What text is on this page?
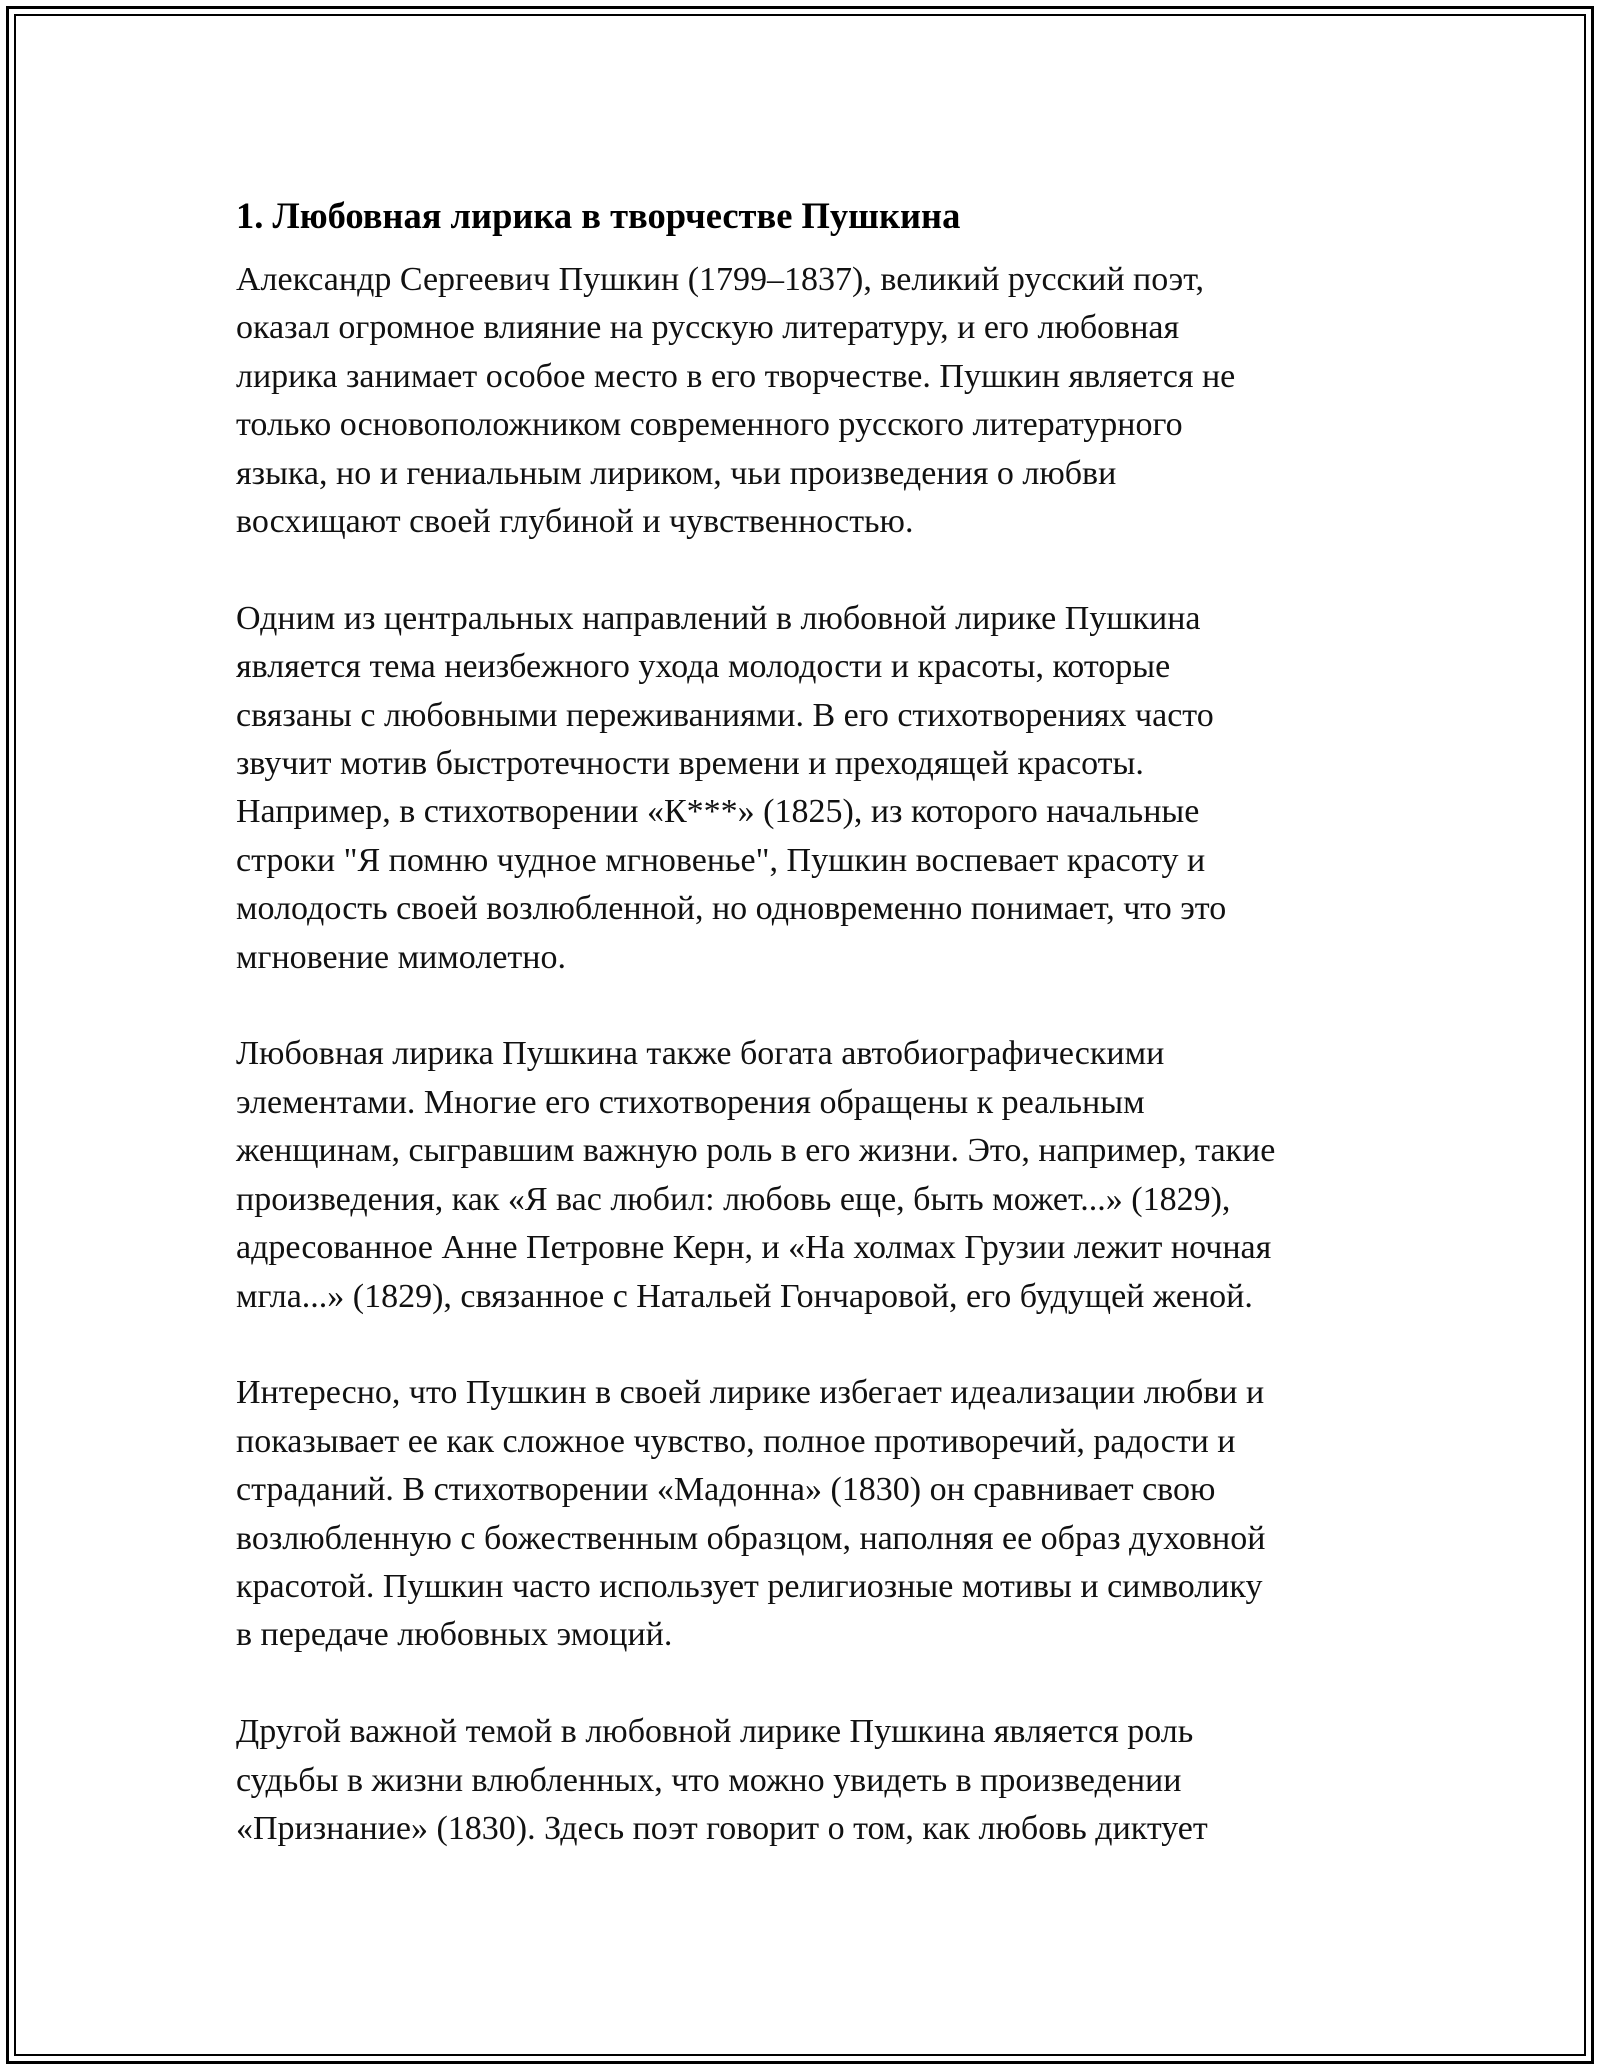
1. Любовная лирика в творчестве Пушкина

Александр Сергеевич Пушкин (1799–1837), великий русский поэт,
оказал огромное влияние на русскую литературу, и его любовная
лирика занимает особое место в его творчестве. Пушкин является не
только основоположником современного русского литературного
языка, но и гениальным лириком, чьи произведения о любви
восхищают своей глубиной и чувственностью.

Одним из центральных направлений в любовной лирике Пушкина
является тема неизбежного ухода молодости и красоты, которые
связаны с любовными переживаниями. В его стихотворениях часто
звучит мотив быстротечности времени и преходящей красоты.
Например, в стихотворении «К***» (1825), из которого начальные
строки "Я помню чудное мгновенье", Пушкин воспевает красоту и
молодость своей возлюбленной, но одновременно понимает, что это
мгновение мимолетно.

Любовная лирика Пушкина также богата автобиографическими
элементами. Многие его стихотворения обращены к реальным
женщинам, сыгравшим важную роль в его жизни. Это, например, такие
произведения, как «Я вас любил: любовь еще, быть может...» (1829),
адресованное Анне Петровне Керн, и «На холмах Грузии лежит ночная
мгла...» (1829), связанное с Натальей Гончаровой, его будущей женой.

Интересно, что Пушкин в своей лирике избегает идеализации любви и
показывает ее как сложное чувство, полное противоречий, радости и
страданий. В стихотворении «Мадонна» (1830) он сравнивает свою
возлюбленную с божественным образцом, наполняя ее образ духовной
красотой. Пушкин часто использует религиозные мотивы и символику
в передаче любовных эмоций.

Другой важной темой в любовной лирике Пушкина является роль
судьбы в жизни влюбленных, что можно увидеть в произведении
«Признание» (1830). Здесь поэт говорит о том, как любовь диктует
